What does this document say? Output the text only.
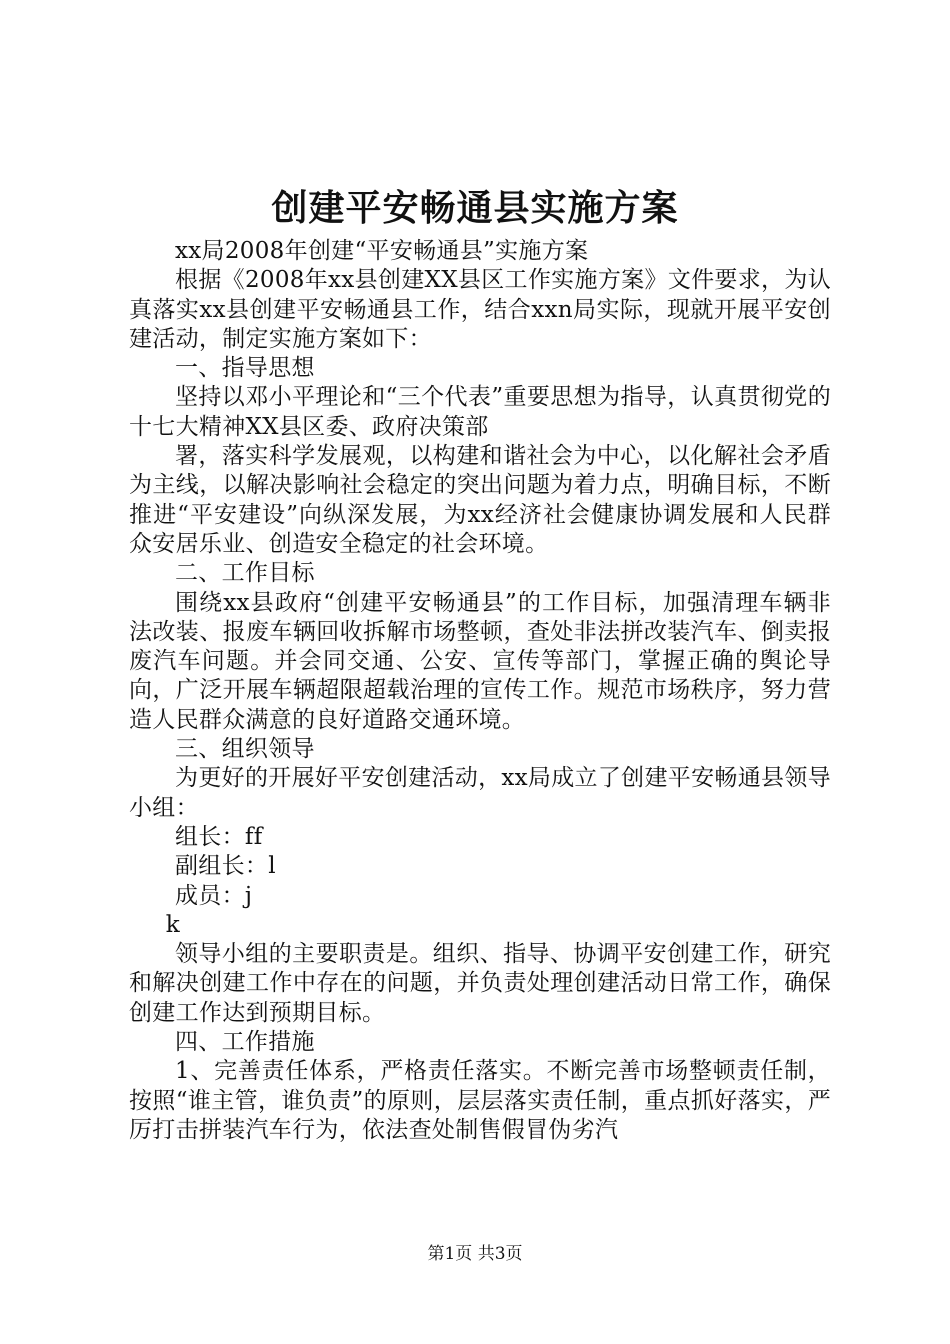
创建平安畅通县实施方案

xx局2008年创建“平安畅通县”实施方案

根据《2008年xx县创建XX县区工作实施方案》文件要求，为认真落实xx县创建平安畅通县工作，结合xxn局实际，现就开展平安创建活动，制定实施方案如下：

一、指导思想

坚持以邓小平理论和“三个代表”重要思想为指导，认真贯彻党的十七大精神XX县区委、政府决策部

署，落实科学发展观，以构建和谐社会为中心，以化解社会矛盾为主线，以解决影响社会稳定的突出问题为着力点，明确目标，不断推进“平安建设”向纵深发展，为xx经济社会健康协调发展和人民群众安居乐业、创造安全稳定的社会环境。

二、工作目标

围绕xx县政府“创建平安畅通县”的工作目标，加强清理车辆非法改装、报废车辆回收拆解市场整顿，查处非法拼改装汽车、倒卖报废汽车问题。并会同交通、公安、宣传等部门，掌握正确的舆论导向，广泛开展车辆超限超载治理的宣传工作。规范市场秩序，努力营造人民群众满意的良好道路交通环境。

三、组织领导

为更好的开展好平安创建活动，xx局成立了创建平安畅通县领导小组：

组长：ff

副组长：l

成员：j

k

领导小组的主要职责是。组织、指导、协调平安创建工作，研究和解决创建工作中存在的问题，并负责处理创建活动日常工作，确保创建工作达到预期目标。

四、工作措施

1、完善责任体系，严格责任落实。不断完善市场整顿责任制，按照“谁主管，谁负责”的原则，层层落实责任制，重点抓好落实，严厉打击拼装汽车行为，依法查处制售假冒伪劣汽

第1页 共3页
